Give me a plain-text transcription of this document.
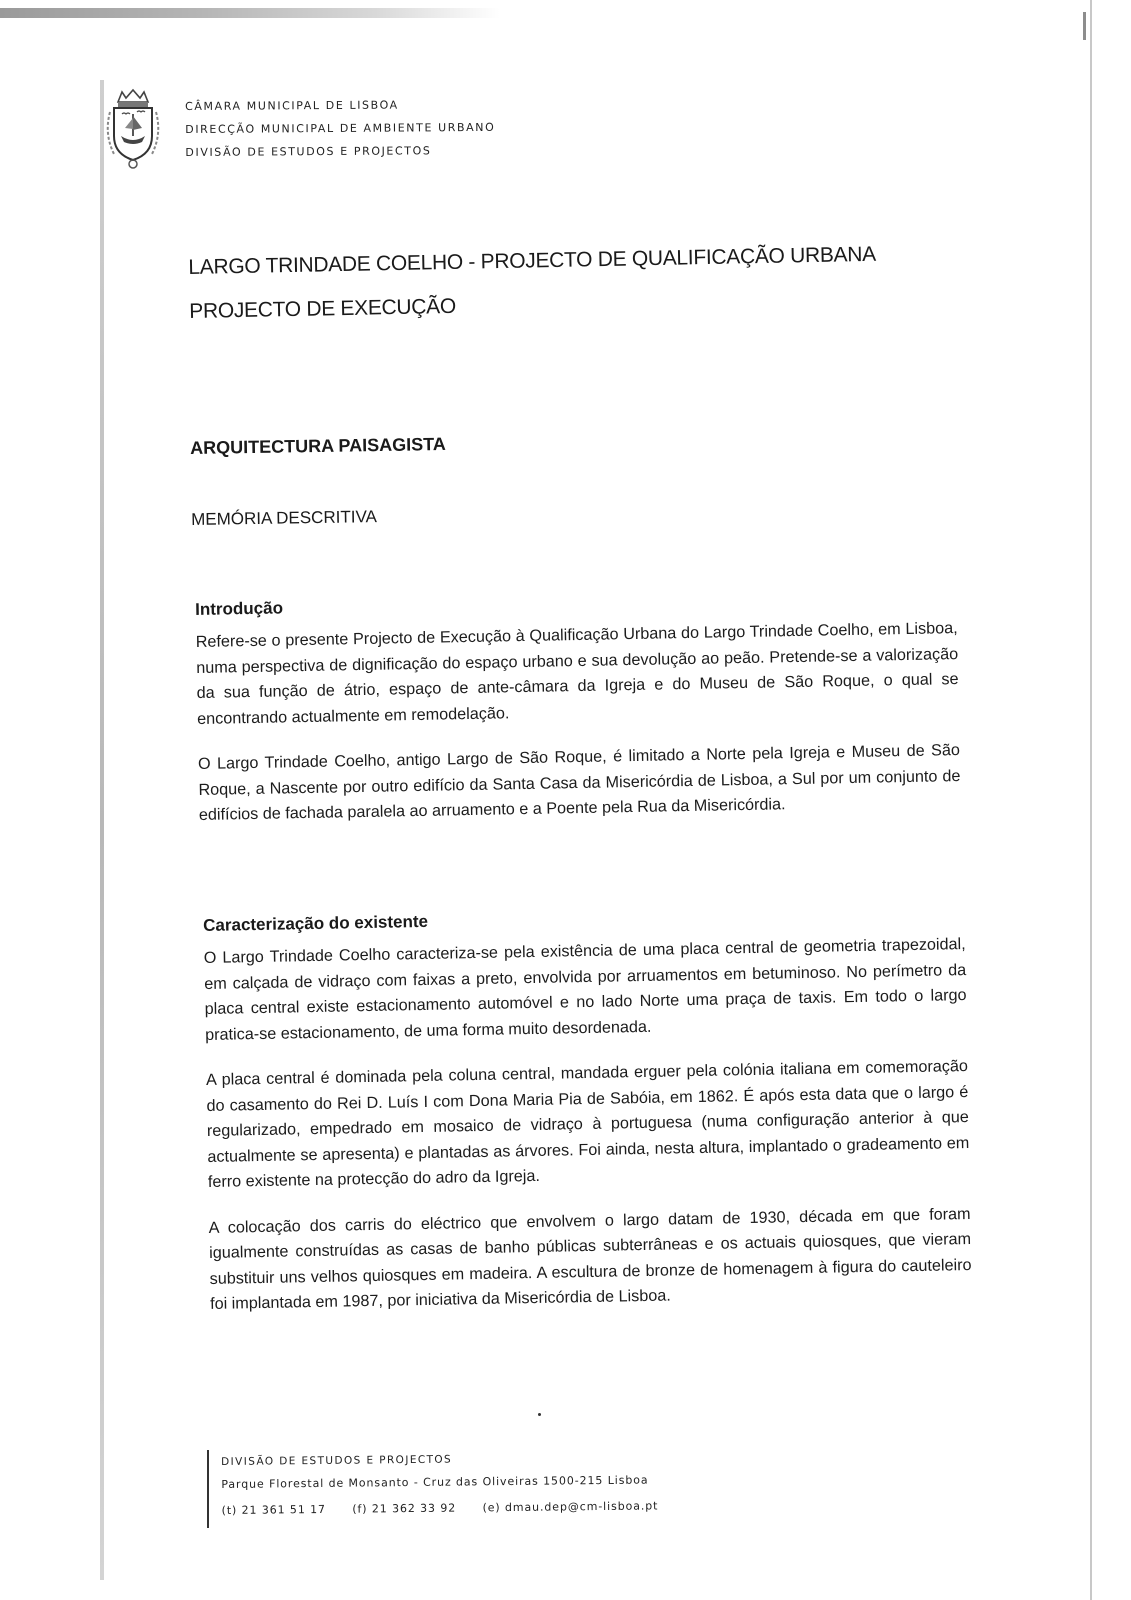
CÂMARA MUNICIPAL DE LISBOA
DIRECÇÃO MUNICIPAL DE AMBIENTE URBANO
DIVISÃO DE ESTUDOS E PROJECTOS
LARGO TRINDADE COELHO - PROJECTO DE QUALIFICAÇÃO URBANA
PROJECTO DE EXECUÇÃO
ARQUITECTURA PAISAGISTA
MEMÓRIA DESCRITIVA
Introdução

Refere-se o presente Projecto de Execução à Qualificação Urbana do Largo Trindade Coelho, em Lisboa, numa perspectiva de dignificação do espaço urbano e sua devolução ao peão. Pretende-se a valorização da sua função de átrio, espaço de ante-câmara da Igreja e do Museu de São Roque, o qual se encontrando actualmente em remodelação.

O Largo Trindade Coelho, antigo Largo de São Roque, é limitado a Norte pela Igreja e Museu de São Roque, a Nascente por outro edifício da Santa Casa da Misericórdia de Lisboa, a Sul por um conjunto de edifícios de fachada paralela ao arruamento e a Poente pela Rua da Misericórdia.

Caracterização do existente

O Largo Trindade Coelho caracteriza-se pela existência de uma placa central de geometria trapezoidal, em calçada de vidraço com faixas a preto, envolvida por arruamentos em betuminoso. No perímetro da placa central existe estacionamento automóvel e no lado Norte uma praça de taxis. Em todo o largo pratica-se estacionamento, de uma forma muito desordenada.

A placa central é dominada pela coluna central, mandada erguer pela colónia italiana em comemoração do casamento do Rei D. Luís I com Dona Maria Pia de Sabóia, em 1862. É após esta data que o largo é regularizado, empedrado em mosaico de vidraço à portuguesa (numa configuração anterior à que actualmente se apresenta) e plantadas as árvores. Foi ainda, nesta altura, implantado o gradeamento em ferro existente na protecção do adro da Igreja.

A colocação dos carris do eléctrico que envolvem o largo datam de 1930, década em que foram igualmente construídas as casas de banho públicas subterrâneas e os actuais quiosques, que vieram substituir uns velhos quiosques em madeira. A escultura de bronze de homenagem à figura do cauteleiro foi implantada em 1987, por iniciativa da Misericórdia de Lisboa.

DIVISÃO DE ESTUDOS E PROJECTOS
Parque Florestal de Monsanto - Cruz das Oliveiras 1500-215 Lisboa
(t) 21 361 51 17 (f) 21 362 33 92 (e) dmau.dep@cm-lisboa.pt
